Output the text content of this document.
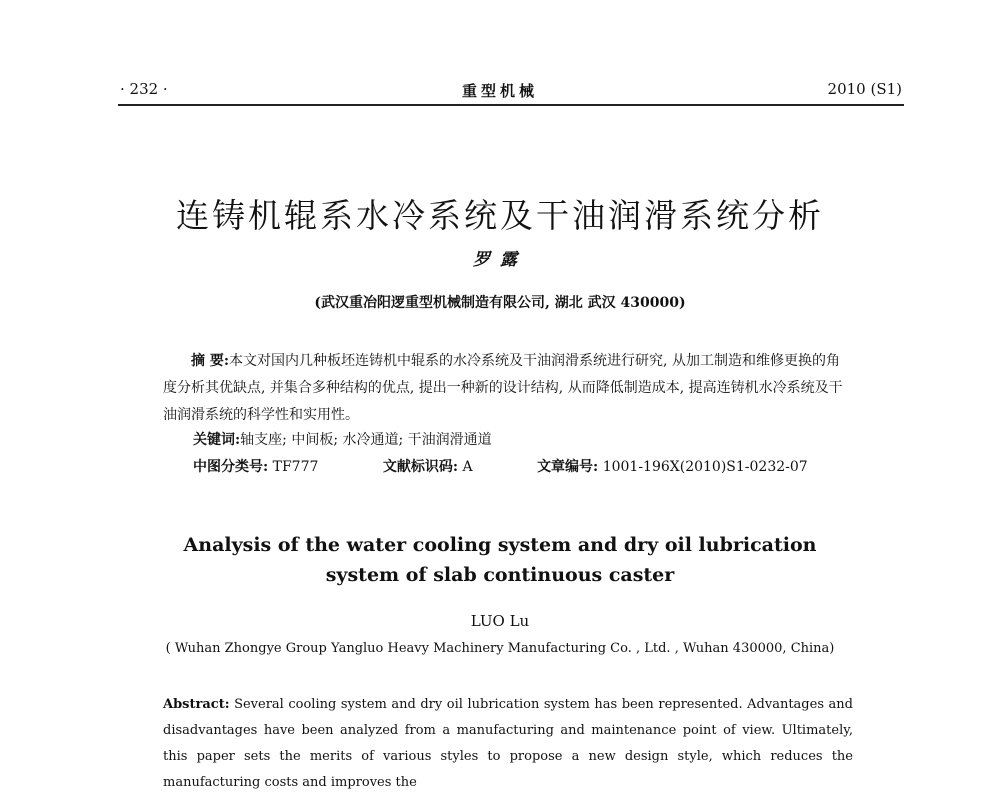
· 232 ·	重型机械	2010 (S1)
连铸机辊系水冷系统及干油润滑系统分析
罗露
(武汉重冶阳逻重型机械制造有限公司, 湖北 武汉 430000)
摘 要:本文对国内几种板坯连铸机中辊系的水冷系统及干油润滑系统进行研究, 从加工制造和维修更换的角度分析其优缺点, 并集合多种结构的优点, 提出一种新的设计结构, 从而降低制造成本, 提高连铸机水冷系统及干油润滑系统的科学性和实用性。
关键词:轴支座; 中间板; 水冷通道; 干油润滑通道
中图分类号: TF777	文献标识码: A	文章编号: 1001-196X(2010)S1-0232-07
Analysis of the water cooling system and dry oil lubrication
system of slab continuous caster
LUO Lu
( Wuhan Zhongye Group Yangluo Heavy Machinery Manufacturing Co. , Ltd. , Wuhan 430000, China)
Abstract: Several cooling system and dry oil lubrication system has been represented. Advantages and disadvantages have been analyzed from a manufacturing and maintenance point of view. Ultimately, this paper sets the merits of various styles to propose a new design style, which reduces the manufacturing costs and improves the
